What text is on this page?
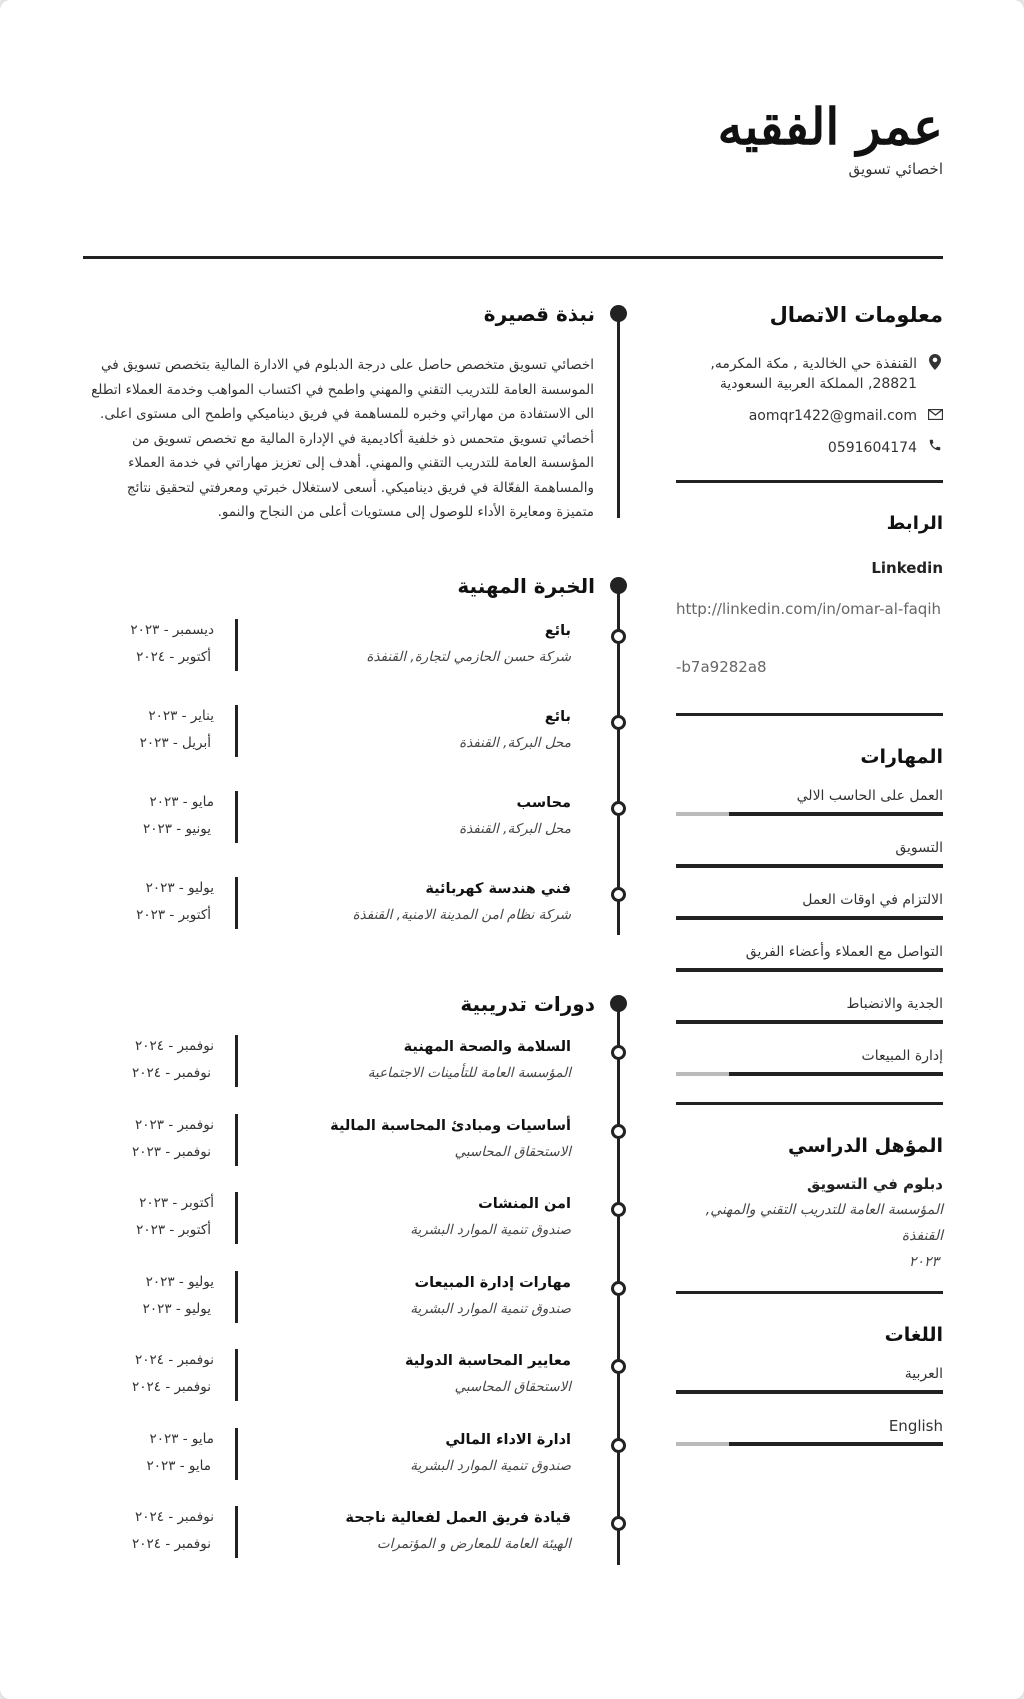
عمر الفقيه
اخصائي تسويق
معلومات الاتصال
القنفذة حي الخالدية , مكة المكرمه, 28821, المملكة العربية السعودية
aomqr1422@gmail.com
0591604174
الرابط
Linkedin
http://linkedin.com/in/omar-al-faqih
-b7a9282a8
المهارات
العمل على الحاسب الالي
التسويق
الالتزام في اوقات العمل
التواصل مع العملاء وأعضاء الفريق
الجدية والانضباط
إدارة المبيعات
المؤهل الدراسي
دبلوم في التسويق
المؤسسة العامة للتدريب التقني والمهني, القنفذة
٢٠٢٣
اللغات
العربية
English
نبذة قصيرة
اخصائي تسويق متخصص حاصل على درجة الدبلوم في الادارة المالية بتخصص تسويق في الموسسة العامة للتدريب التقني والمهني واطمح في اكتساب المواهب وخدمة العملاء اتطلع الى الاستفادة من مهاراتي وخبره للمساهمة في فريق ديناميكي واطمح الى مستوى اعلى. أخصائي تسويق متحمس ذو خلفية أكاديمية في الإدارة المالية مع تخصص تسويق من المؤسسة العامة للتدريب التقني والمهني. أهدف إلى تعزيز مهاراتي في خدمة العملاء والمساهمة الفعّالة في فريق ديناميكي. أسعى لاستغلال خبرتي ومعرفتي لتحقيق نتائج متميزة ومعايرة الأداء للوصول إلى مستويات أعلى من النجاح والنمو.
الخبرة المهنية
بائع
شركة حسن الحازمي لتجارة, القنفذة
ديسمبر - ٢٠٢٣
أكتوبر - ٢٠٢٤
بائع
محل البركة, القنفذة
يناير - ٢٠٢٣
أبريل - ٢٠٢٣
محاسب
محل البركة, القنفذة
مايو - ٢٠٢٣
يونيو - ٢٠٢٣
فني هندسة كهربائية
شركة نظام امن المدينة الامنية, القنفذة
يوليو - ٢٠٢٣
أكتوبر - ٢٠٢٣
دورات تدريبية
السلامة والصحة المهنية
المؤسسة العامة للتأمينات الاجتماعية
نوفمبر - ٢٠٢٤
نوفمبر - ٢٠٢٤
أساسيات ومبادئ المحاسبة المالية
الاستحقاق المحاسبي
نوفمبر - ٢٠٢٣
نوفمبر - ٢٠٢٣
امن المنشات
صندوق تنمية الموارد البشرية
أكتوبر - ٢٠٢٣
أكتوبر - ٢٠٢٣
مهارات إدارة المبيعات
صندوق تنمية الموارد البشرية
يوليو - ٢٠٢٣
يوليو - ٢٠٢٣
معايير المحاسبة الدولية
الاستحقاق المحاسبي
نوفمبر - ٢٠٢٤
نوفمبر - ٢٠٢٤
ادارة الاداء المالي
صندوق تنمية الموارد البشرية
مايو - ٢٠٢٣
مايو - ٢٠٢٣
قيادة فريق العمل لفعالية ناجحة
الهيئة العامة للمعارض و المؤتمرات
نوفمبر - ٢٠٢٤
نوفمبر - ٢٠٢٤
